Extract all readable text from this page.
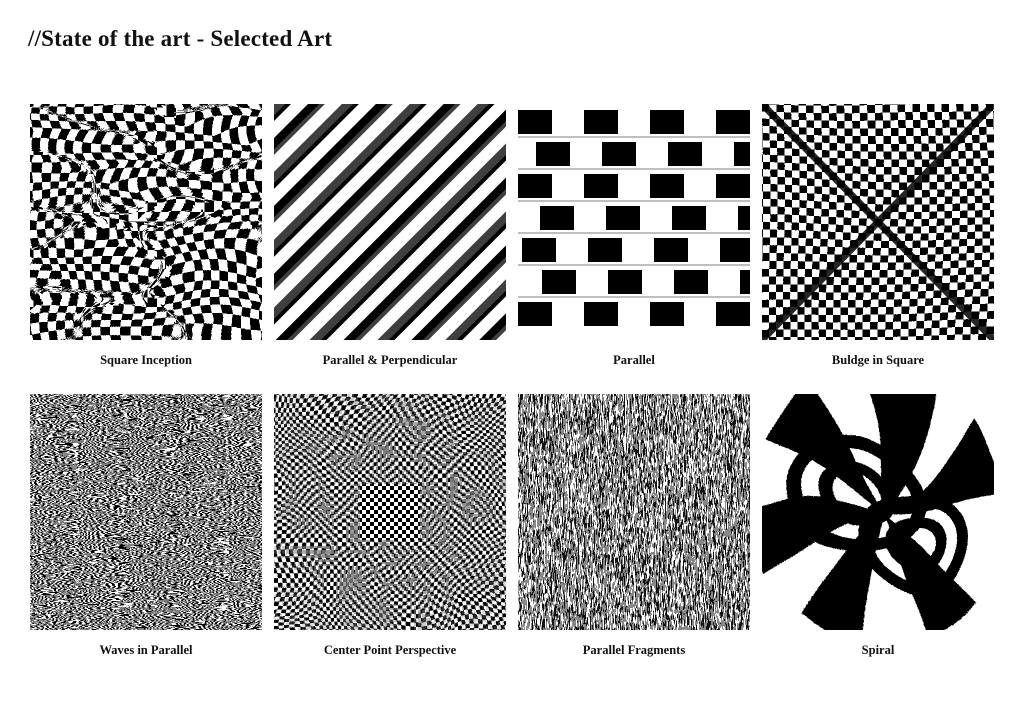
//State of the art - Selected Art
Square Inception	Parallel & Perpendicular	Parallel	Buldge in Square
Waves in Parallel	Center Point Perspective	Parallel Fragments	Spiral
